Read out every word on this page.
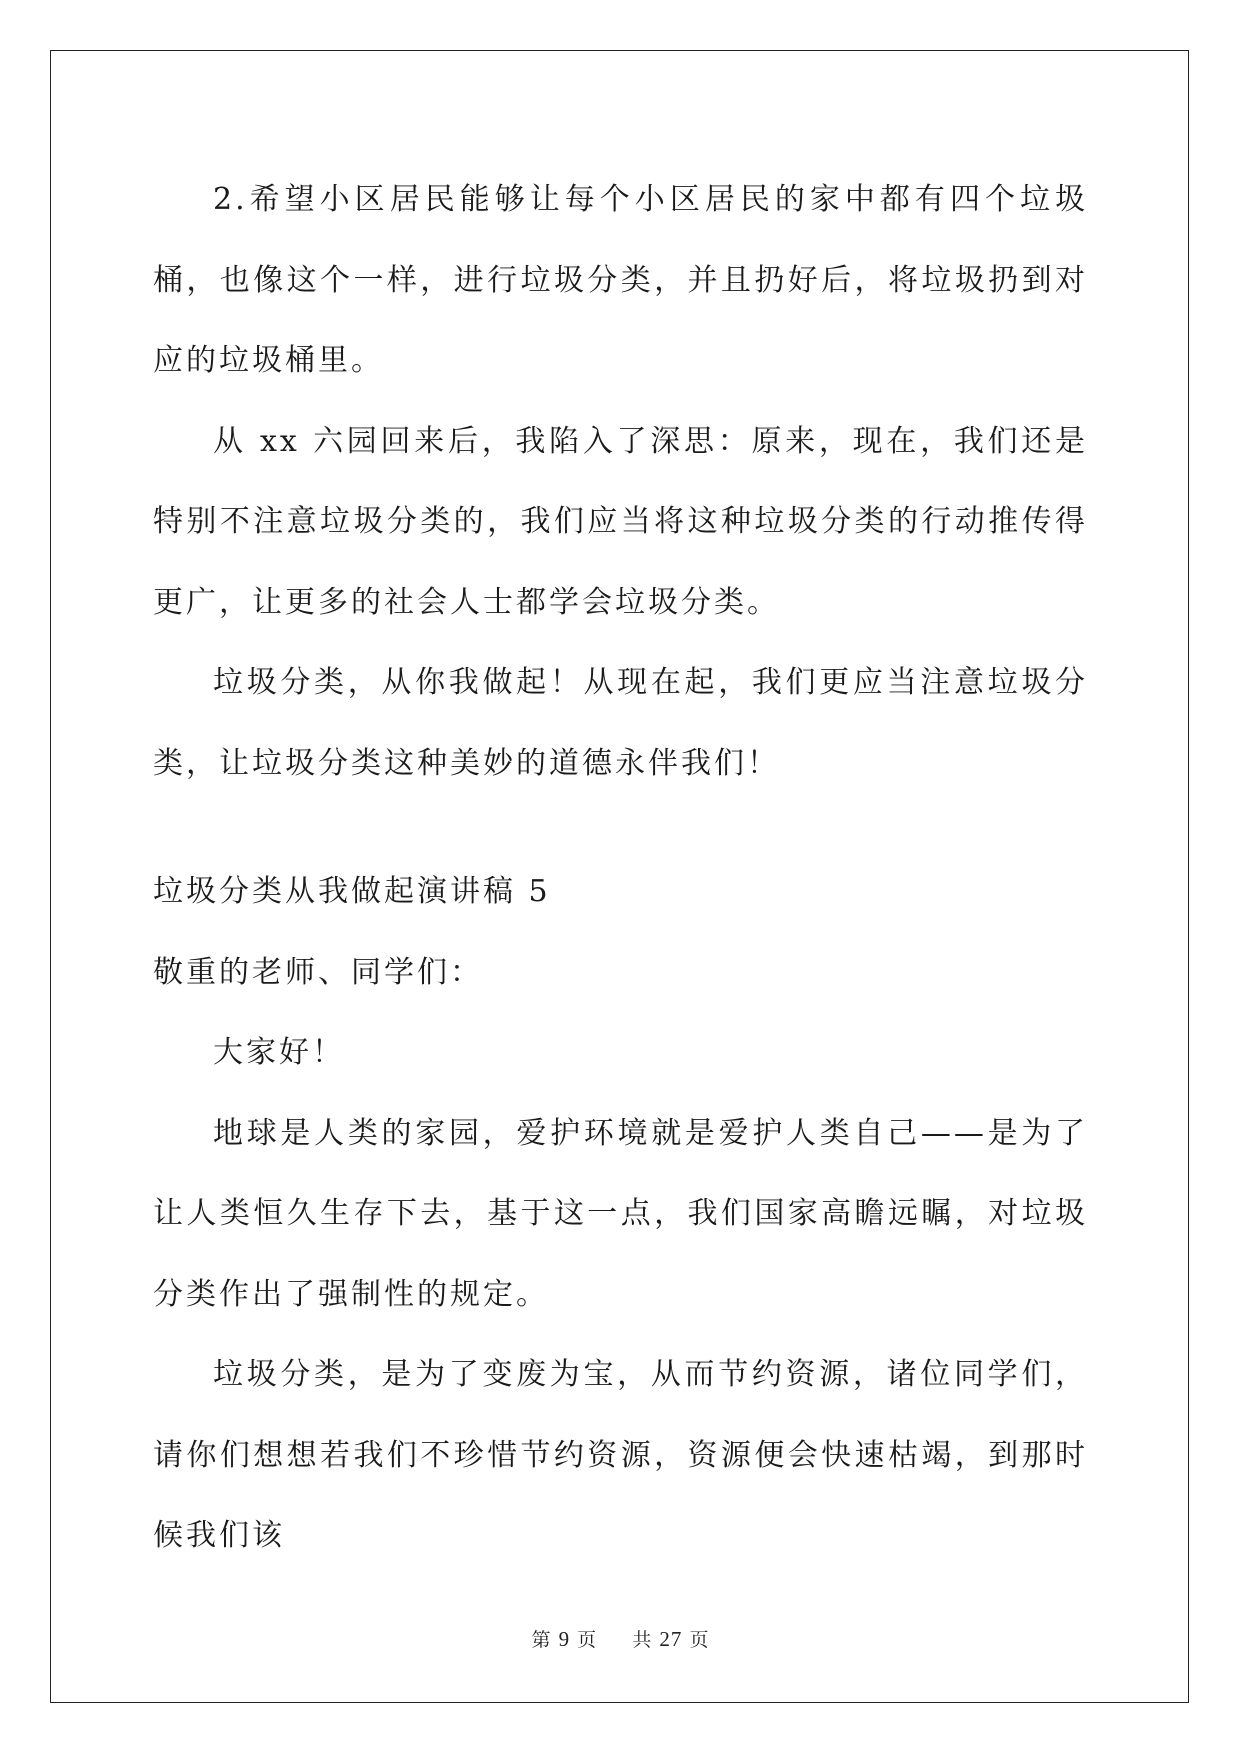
2.希望小区居民能够让每个小区居民的家中都有四个垃圾桶，也像这个一样，进行垃圾分类，并且扔好后，将垃圾扔到对应的垃圾桶里。

从 xx 六园回来后，我陷入了深思：原来，现在，我们还是特别不注意垃圾分类的，我们应当将这种垃圾分类的行动推传得更广，让更多的社会人士都学会垃圾分类。

垃圾分类，从你我做起！从现在起，我们更应当注意垃圾分类，让垃圾分类这种美妙的道德永伴我们！

垃圾分类从我做起演讲稿 5

敬重的老师、同学们：

大家好！

地球是人类的家园，爱护环境就是爱护人类自己——是为了让人类恒久生存下去，基于这一点，我们国家高瞻远瞩，对垃圾分类作出了强制性的规定。

垃圾分类，是为了变废为宝，从而节约资源，诸位同学们，请你们想想若我们不珍惜节约资源，资源便会快速枯竭，到那时候我们该

第 9 页 共 27 页
